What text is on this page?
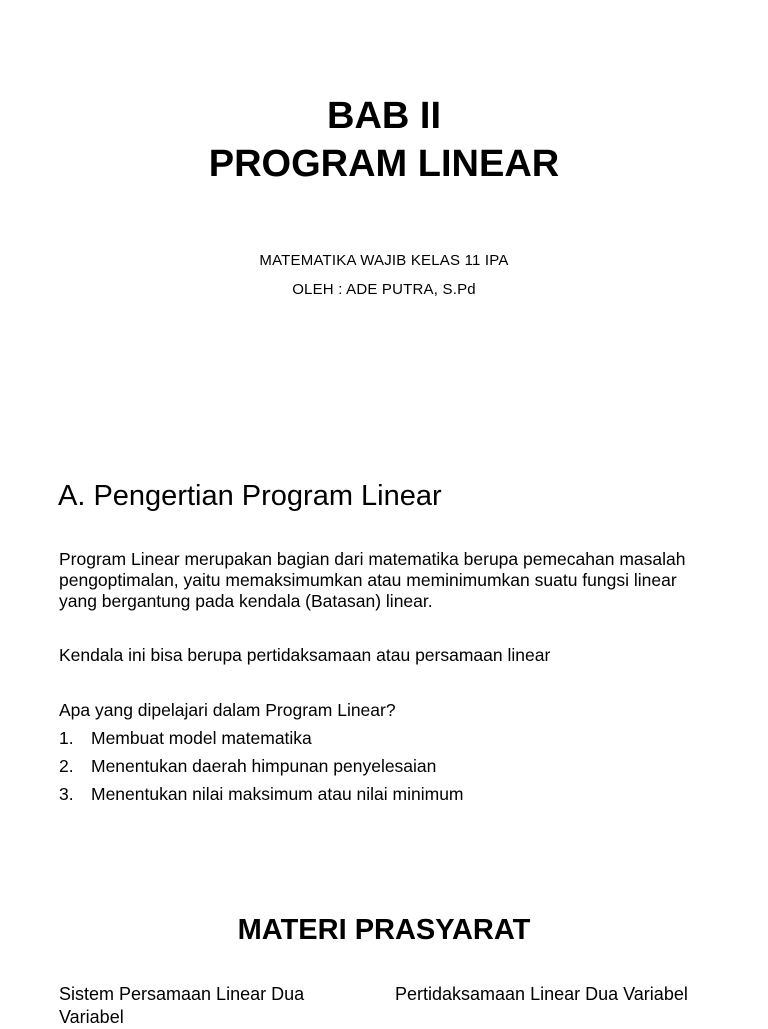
BAB II
PROGRAM LINEAR
MATEMATIKA WAJIB KELAS 11 IPA
OLEH : ADE PUTRA, S.Pd
A. Pengertian Program Linear
Program Linear merupakan bagian dari matematika berupa pemecahan masalah pengoptimalan, yaitu memaksimumkan atau meminimumkan suatu fungsi linear yang bergantung pada kendala (Batasan) linear.
Kendala ini bisa berupa pertidaksamaan atau persamaan linear
Apa yang dipelajari dalam Program Linear?
1. Membuat model matematika
2. Menentukan daerah himpunan penyelesaian
3. Menentukan nilai maksimum atau nilai minimum
MATERI PRASYARAT
Sistem Persamaan Linear Dua Variabel
Pertidaksamaan Linear Dua Variabel
